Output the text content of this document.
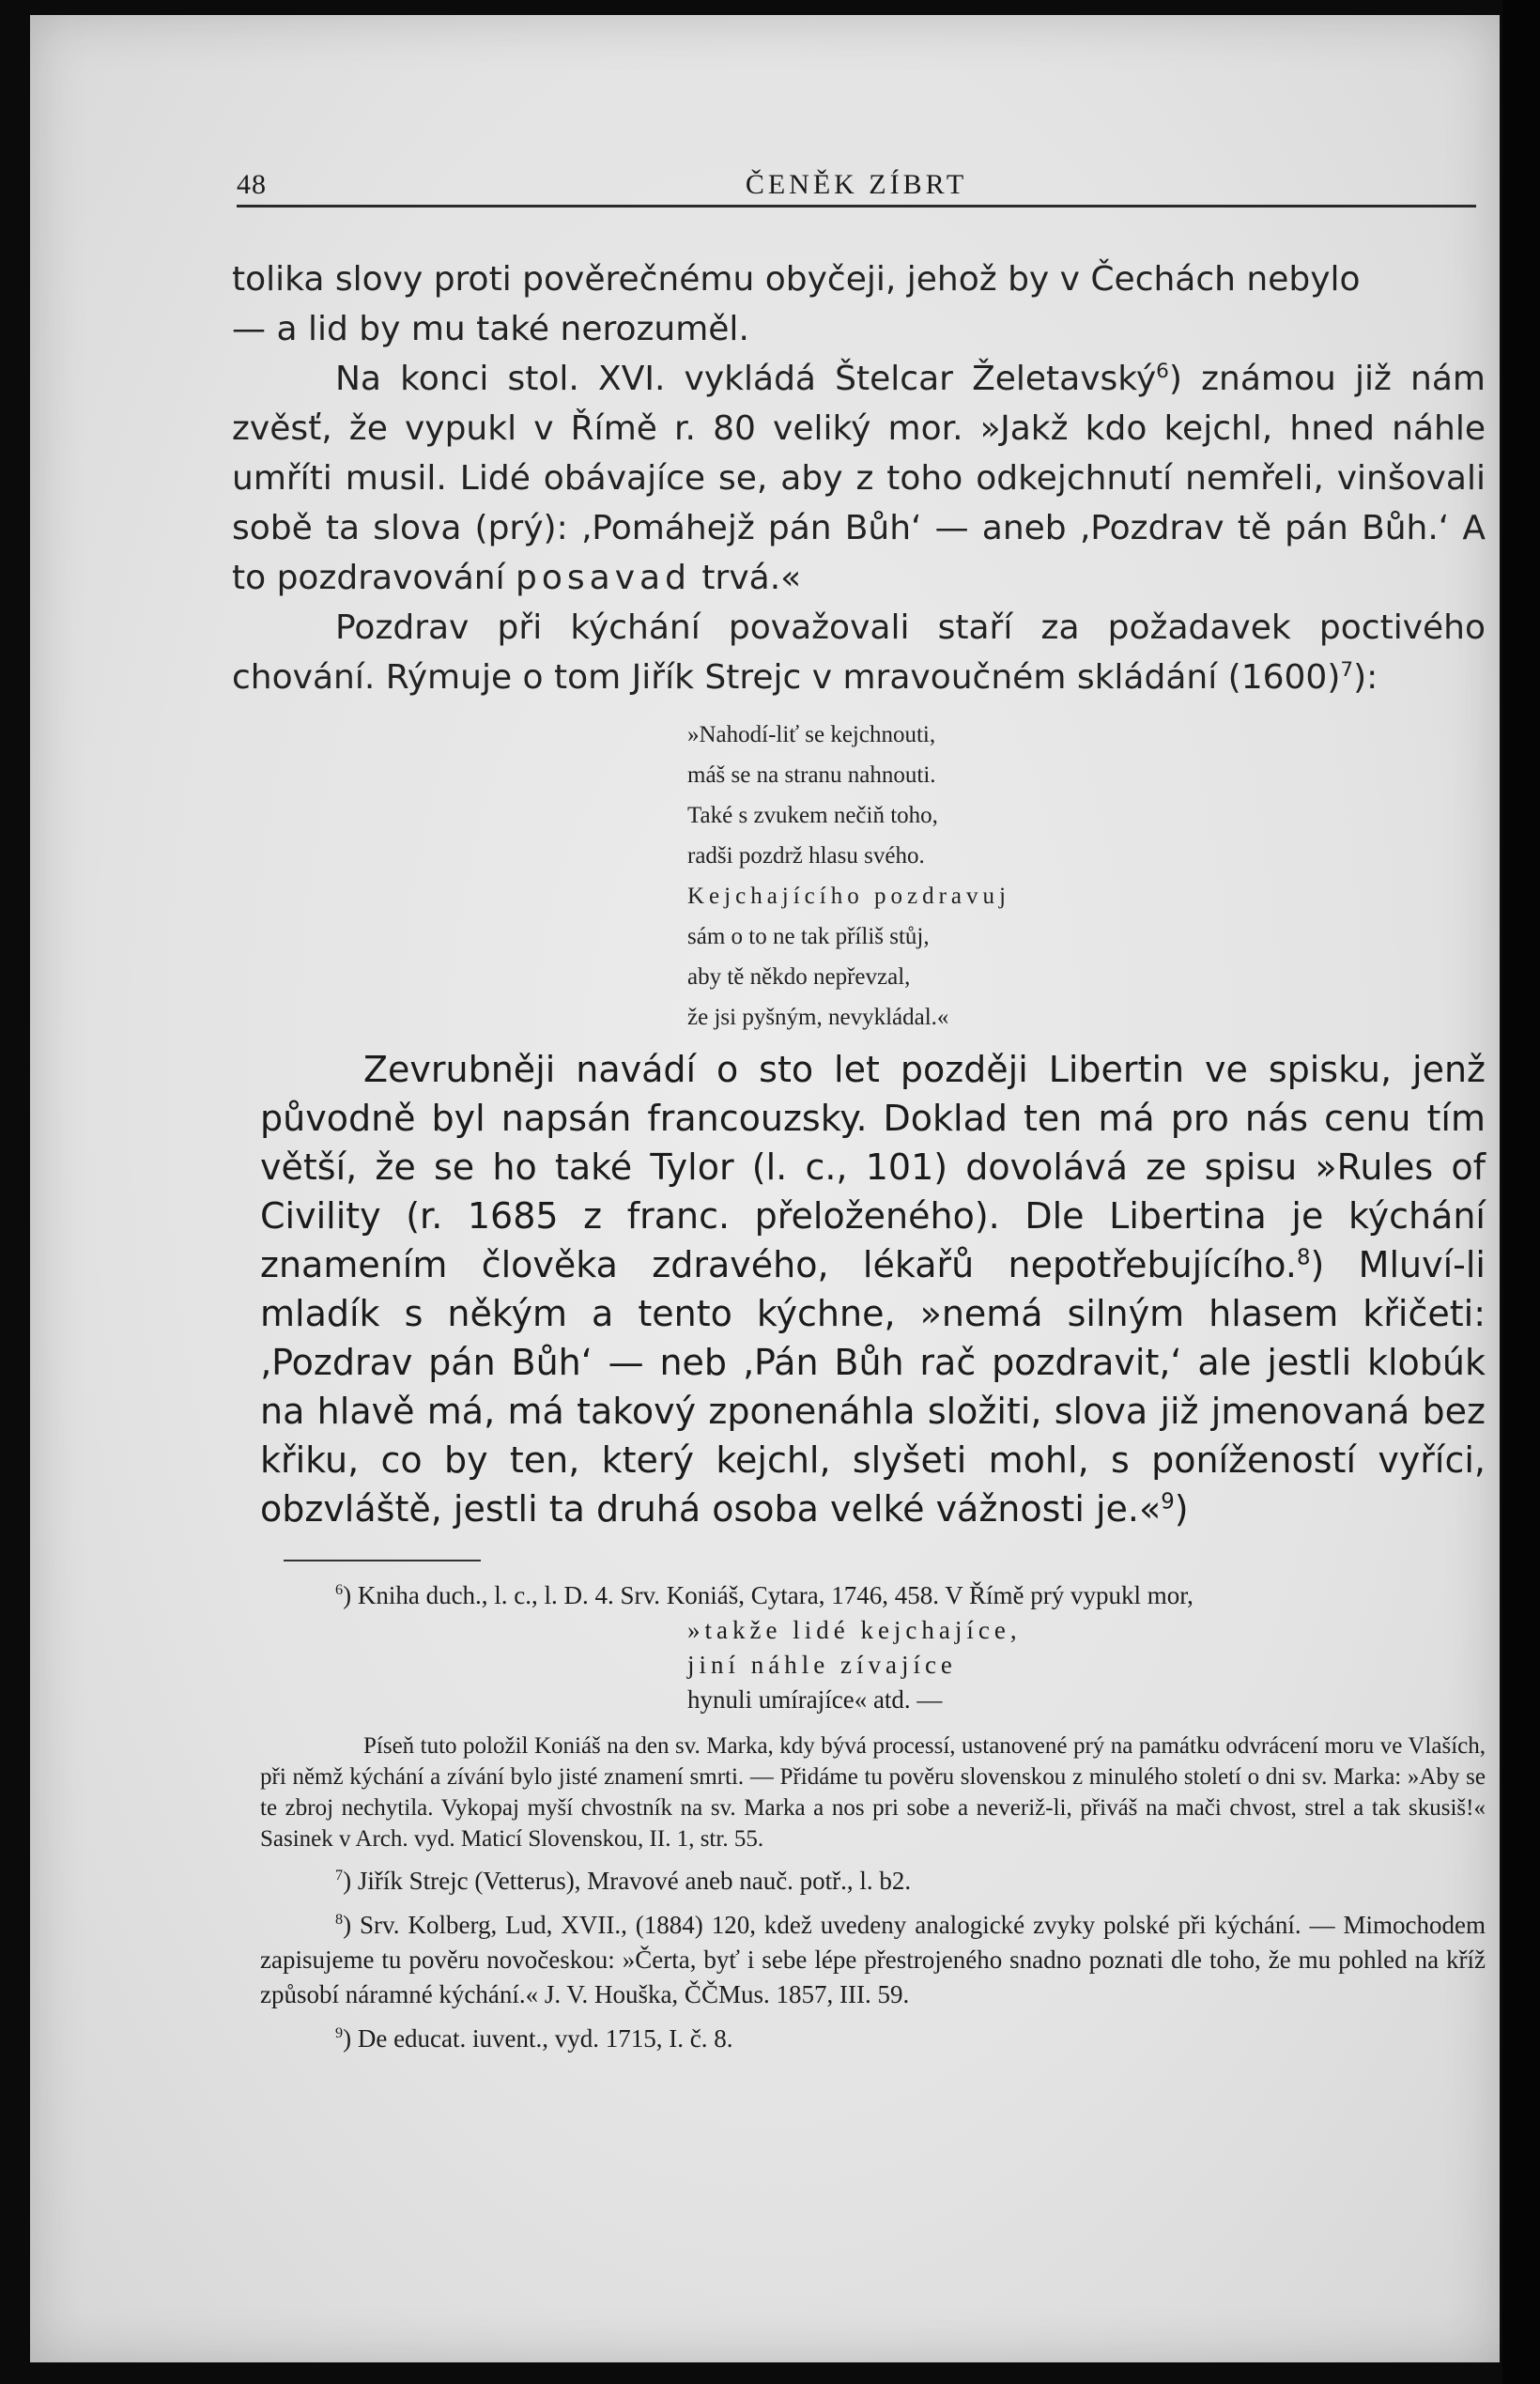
48	ČENĚK ZÍBRT

tolika slovy proti pověrečnému obyčeji, jehož by v Čechách nebylo
— a lid by mu také nerozuměl.

Na konci stol. XVI. vykládá Štelcar Želetavský$^6$) známou již nám zvěsť, že vypukl v Římě r. 80 veliký mor. »Jakž kdo kejchl, hned náhle umříti musil. Lidé obávajíce se, aby z toho odkejchnutí nemřeli, vinšovali sobě ta slova (prý): ‚Pomáhejž pán Bůh‘ — aneb ‚Pozdrav tě pán Bůh.‘ A to pozdravování posavad trvá.«

Pozdrav při kýchání považovali staří za požadavek poctivého chování. Rýmuje o tom Jiřík Strejc v mravoučném skládání $(1600)^7$):

»Nahodí-liť se kejchnouti,
máš se na stranu nahnouti.
Také s zvukem nečiň toho,
radši pozdrž hlasu svého.
Kejchajícího pozdravuj
sám o to ne tak příliš stůj,
aby tě někdo nepřevzal,
že jsi pyšným, nevykládal.«

Zevrubněji navádí o sto let později Libertin ve spisku, jenž původně byl napsán francouzsky. Doklad ten má pro nás cenu tím větší, že se ho také Tylor (l. c., 101) dovolává ze spisu »Rules of Civility (r. 1685 z franc. přeloženého). Dle Libertina je kýchání znamením člověka zdravého, lékařů nepotřebujícího.$^8$) Mluví-li mladík s někým a tento kýchne, »nemá silným hlasem křičeti: ‚Pozdrav pán Bůh‘ — neb ‚Pán Bůh rač pozdravit,‘ ale jestli klobúk na hlavě má, má takový zponenáhla složiti, slova již jmenovaná bez křiku, co by ten, který kejchl, slyšeti mohl, s ponížeností vyříci, obzvláště, jestli ta druhá osoba velké vážnosti je.«$^9$)

$^6$) Kniha duch., l. c., l. D. 4. Srv. Koniáš, Cytara, 1746, 458. V Římě prý vypukl mor,

»takže lidé kejchajíce,
jiní náhle zívajíce
hynuli umírajíce« atd. —

Píseň tuto položil Koniáš na den sv. Marka, kdy bývá processí, ustanovené prý na památku odvrácení moru ve Vlaších, při němž kýchání a zívání bylo jisté znamení smrti. — Přidáme tu pověru slovenskou z minulého století o dni sv. Marka: »Aby se te zbroj nechytila. Vykopaj myší chvostník na sv. Marka a nos pri sobe a neveriž-li, přiváš na mači chvost, strel a tak skusiš!« Sasinek v Arch. vyd. Maticí Slovenskou, II. 1, str. 55.

$^7$) Jiřík Strejc (Vetterus), Mravové aneb nauč. potř., l. b2.

$^8$) Srv. Kolberg, Lud, XVII., (1884) 120, kdež uvedeny analogické zvyky polské při kýchání. — Mimochodem zapisujeme tu pověru novočeskou: »Čerta, byť i sebe lépe přestrojeného snadno poznati dle toho, že mu pohled na kříž způsobí náramné kýchání.« J. V. Houška, ČČMus. 1857, III. 59.

$^9$) De educat. iuvent., vyd. 1715, I. č. 8.
